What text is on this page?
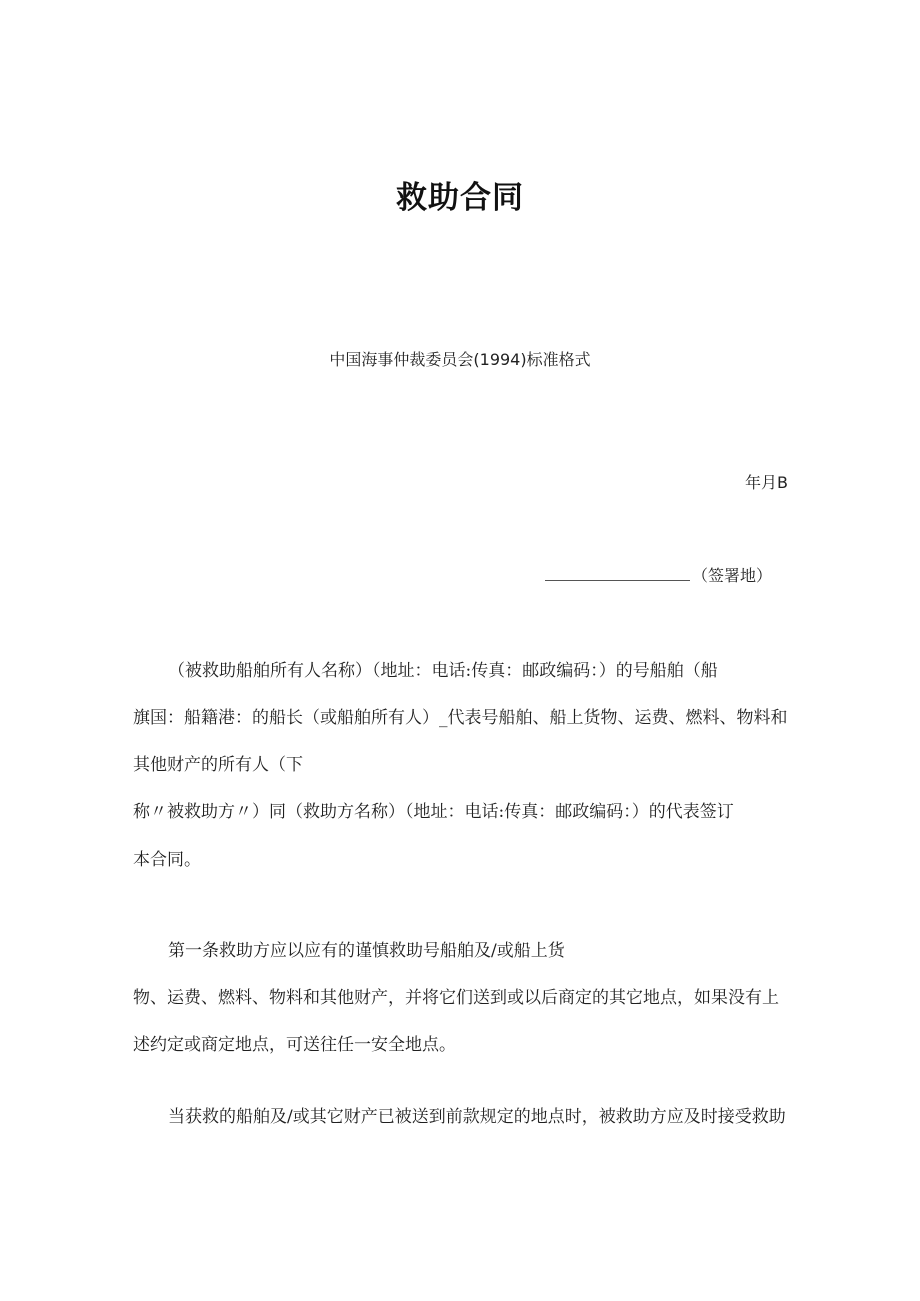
救助合同
中国海事仲裁委员会(1994)标准格式
年月B
（签署地）
（被救助船舶所有人名称）（地址：电话:传真：邮政编码：）的号船舶（船
旗国：船籍港：的船长（或船舶所有人）_代表号船舶、船上货物、运费、燃料、物料和
其他财产的所有人（下
称〃被救助方〃）同（救助方名称）（地址：电话:传真：邮政编码：）的代表签订
本合同。
第一条救助方应以应有的谨慎救助号船舶及/或船上货
物、运费、燃料、物料和其他财产，并将它们送到或以后商定的其它地点，如果没有上
述约定或商定地点，可送往任一安全地点。
当获救的船舶及/或其它财产已被送到前款规定的地点时，被救助方应及时接受救助
